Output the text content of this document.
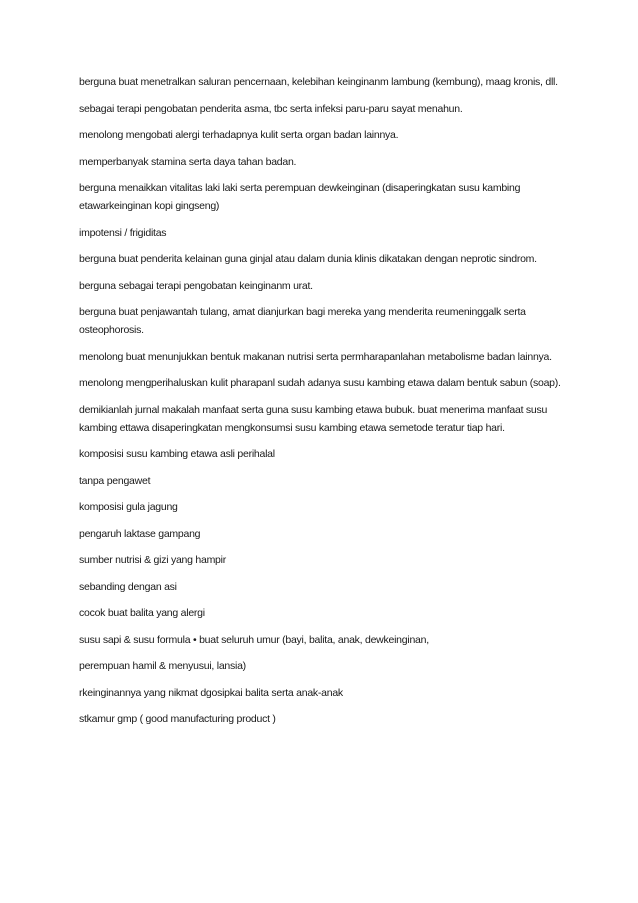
berguna buat menetralkan saluran pencernaan, kelebihan keinginanm lambung (kembung), maag kronis, dll.

sebagai terapi pengobatan penderita asma, tbc serta infeksi paru-paru sayat menahun.

menolong mengobati alergi terhadapnya kulit serta organ badan lainnya.

memperbanyak stamina serta daya tahan badan.

berguna menaikkan vitalitas laki laki serta perempuan dewkeinginan (disaperingkatan susu kambing etawarkeinginan kopi gingseng)

impotensi / frigiditas

berguna buat penderita kelainan guna ginjal atau dalam dunia klinis dikatakan dengan neprotic sindrom.

berguna sebagai terapi pengobatan keinginanm urat.

berguna buat penjawantah tulang, amat dianjurkan bagi mereka yang menderita reumeninggalk serta osteophorosis.

menolong buat menunjukkan bentuk makanan nutrisi serta permharapanlahan metabolisme badan lainnya.

menolong mengperihaluskan kulit pharapanl sudah adanya susu kambing etawa dalam bentuk sabun (soap).

demikianlah jurnal makalah manfaat serta guna susu kambing etawa bubuk. buat menerima manfaat susu kambing ettawa disaperingkatan mengkonsumsi susu kambing etawa semetode teratur tiap hari.

komposisi susu kambing etawa asli perihalal

tanpa pengawet

komposisi gula jagung

pengaruh laktase gampang

sumber nutrisi & gizi yang hampir

sebanding dengan asi

cocok buat balita yang alergi

susu sapi & susu formula • buat seluruh umur (bayi, balita, anak, dewkeinginan,

perempuan hamil & menyusui, lansia)

rkeinginannya yang nikmat dgosipkai balita serta anak-anak

stkamur gmp ( good manufacturing product )
